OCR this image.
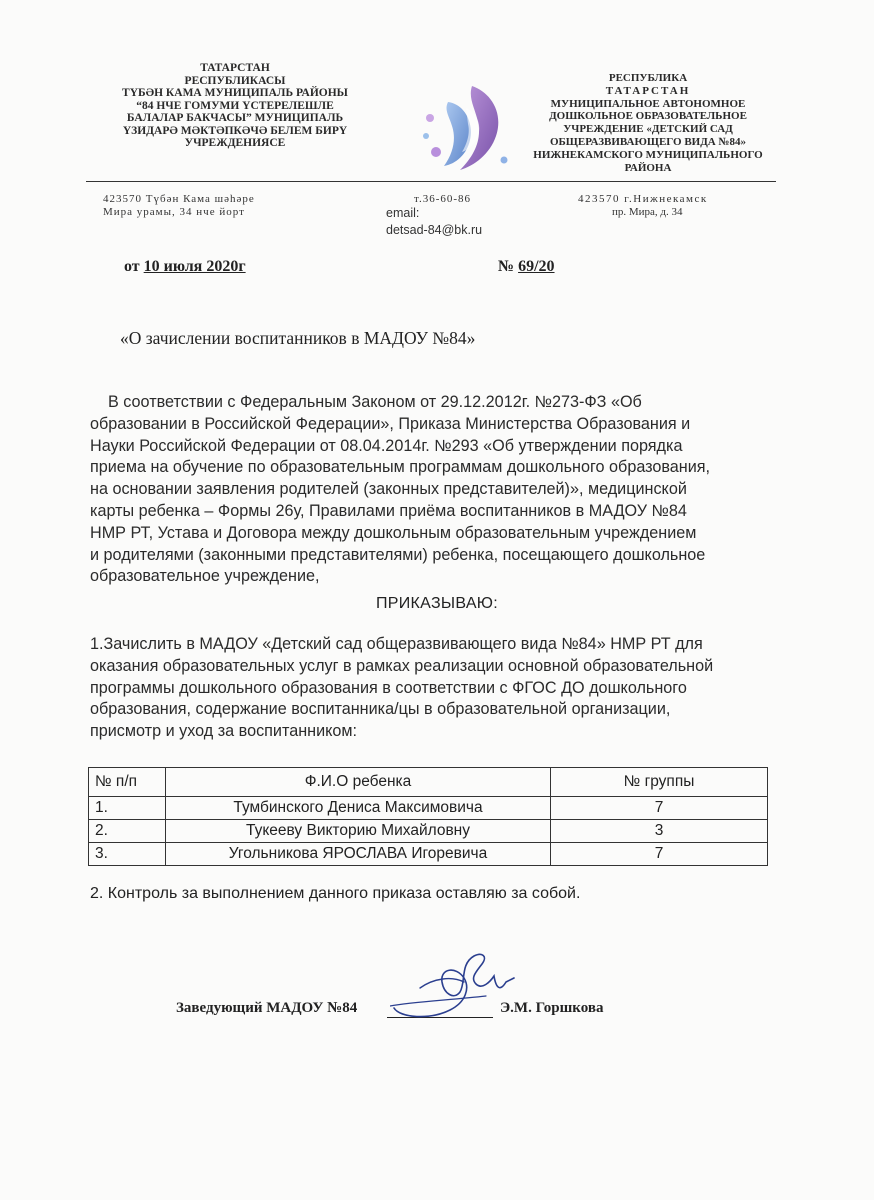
ТАТАРСТАН
РЕСПУБЛИКАСЫ
ТҮБӘН КАМА МУНИЦИПАЛЬ РАЙОНЫ
“84 НЧЕ ГОМУМИ ҮСТЕРЕЛЕШЛЕ
БАЛАЛАР БАКЧАСЫ” МУНИЦИПАЛЬ
ҮЗИДАРӘ МӘКТӘПКӘЧӘ БЕЛЕМ БИРҮ
УЧРЕЖДЕНИЯСЕ
РЕСПУБЛИКА
ТАТАРСТАН
МУНИЦИПАЛЬНОЕ АВТОНОМНОЕ
ДОШКОЛЬНОЕ ОБРАЗОВАТЕЛЬНОЕ
УЧРЕЖДЕНИЕ «ДЕТСКИЙ САД
ОБЩЕРАЗВИВАЮЩЕГО ВИДА №84»
НИЖНЕКАМСКОГО МУНИЦИПАЛЬНОГО
РАЙОНА
423570 Түбән Кама шәһәре
Мира урамы, 34 нче йорт
т.36-60-86
email:
detsad-84@bk.ru
423570 г.Нижнекамск
пр. Мира, д. 34
от 10 июля 2020г	№ 69/20
«О зачислении воспитанников в МАДОУ №84»
В соответствии с Федеральным Законом от 29.12.2012г. №273-ФЗ «Об
образовании в Российской Федерации», Приказа Министерства Образования и
Науки Российской Федерации от 08.04.2014г. №293 «Об утверждении порядка
приема на обучение по образовательным программам дошкольного образования,
на основании заявления родителей (законных представителей)», медицинской
карты ребенка – Формы 26у, Правилами приёма воспитанников в МАДОУ №84
НМР РТ, Устава и Договора между дошкольным образовательным учреждением
и родителями (законными представителями) ребенка, посещающего дошкольное
образовательное учреждение,
ПРИКАЗЫВАЮ:
1.Зачислить в МАДОУ «Детский сад общеразвивающего вида №84» НМР РТ для
оказания образовательных услуг в рамках реализации основной образовательной
программы дошкольного образования в соответствии с ФГОС ДО дошкольного
образования, содержание воспитанника/цы в образовательной организации,
присмотр и уход за воспитанником:
№ п/п	Ф.И.О ребенка	№ группы
1.	Тумбинского Дениса Максимовича	7
2.	Тукееву Викторию Михайловну	3
3.	Угольникова ЯРОСЛАВА Игоревича	7
2. Контроль за выполнением данного приказа оставляю за собой.
Заведующий МАДОУ №84	Э.М. Горшкова
